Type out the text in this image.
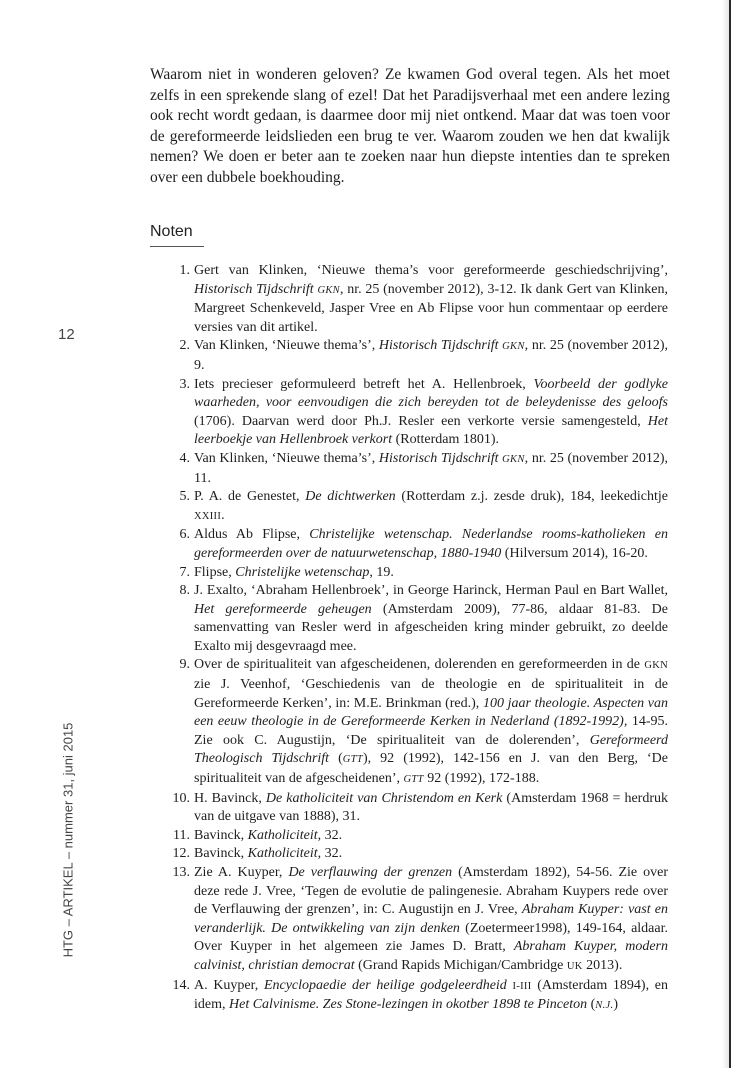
12
HTG – ARTIKEL – nummer 31, juni 2015

Waarom niet in wonderen geloven? Ze kwamen God overal tegen. Als het moet zelfs in een sprekende slang of ezel! Dat het Paradijsverhaal met een andere lezing ook recht wordt gedaan, is daarmee door mij niet ontkend. Maar dat was toen voor de gereformeerde leidslieden een brug te ver. Waarom zouden we hen dat kwalijk nemen? We doen er beter aan te zoeken naar hun diepste intenties dan te spreken over een dubbele boekhouding.

Noten
1. Gert van Klinken, ‘Nieuwe thema’s voor gereformeerde geschiedschrijving’, Historisch Tijdschrift GKN, nr. 25 (november 2012), 3-12. Ik dank Gert van Klinken, Margreet Schenkeveld, Jasper Vree en Ab Flipse voor hun commentaar op eerdere versies van dit artikel.
2. Van Klinken, ‘Nieuwe thema’s’, Historisch Tijdschrift GKN, nr. 25 (november 2012), 9.
3. Iets precieser geformuleerd betreft het A. Hellenbroek, Voorbeeld der godlyke waarheden, voor eenvoudigen die zich bereyden tot de beleydenisse des geloofs (1706). Daarvan werd door Ph.J. Resler een verkorte versie samengesteld, Het leerboekje van Hellenbroek verkort (Rotterdam 1801).
4. Van Klinken, ‘Nieuwe thema’s’, Historisch Tijdschrift GKN, nr. 25 (november 2012), 11.
5. P. A. de Genestet, De dichtwerken (Rotterdam z.j. zesde druk), 184, leekedichtje XXIII.
6. Aldus Ab Flipse, Christelijke wetenschap. Nederlandse rooms-katholieken en gereformeerden over de natuurwetenschap, 1880-1940 (Hilversum 2014), 16-20.
7. Flipse, Christelijke wetenschap, 19.
8. J. Exalto, ‘Abraham Hellenbroek’, in George Harinck, Herman Paul en Bart Wallet, Het gereformeerde geheugen (Amsterdam 2009), 77-86, aldaar 81-83. De samenvatting van Resler werd in afgescheiden kring minder gebruikt, zo deelde Exalto mij desgevraagd mee.
9. Over de spiritualiteit van afgescheidenen, dolerenden en gereformeerden in de GKN zie J. Veenhof, ‘Geschiedenis van de theologie en de spiritualiteit in de Gereformeerde Kerken’, in: M.E. Brinkman (red.), 100 jaar theologie. Aspecten van een eeuw theologie in de Gereformeerde Kerken in Nederland (1892-1992), 14-95. Zie ook C. Augustijn, ‘De spiritualiteit van de dolerenden’, Gereformeerd Theologisch Tijdschrift (GTT), 92 (1992), 142-156 en J. van den Berg, ‘De spiritualiteit van de afgescheidenen’, GTT 92 (1992), 172-188.
10. H. Bavinck, De katholiciteit van Christendom en Kerk (Amsterdam 1968 = herdruk van de uitgave van 1888), 31.
11. Bavinck, Katholiciteit, 32.
12. Bavinck, Katholiciteit, 32.
13. Zie A. Kuyper, De verflauwing der grenzen (Amsterdam 1892), 54-56. Zie over deze rede J. Vree, ‘Tegen de evolutie de palingenesie. Abraham Kuypers rede over de Verflauwing der grenzen’, in: C. Augustijn en J. Vree, Abraham Kuyper: vast en veranderlijk. De ontwikkeling van zijn denken (Zoetermeer1998), 149-164, aldaar. Over Kuyper in het algemeen zie James D. Bratt, Abraham Kuyper, modern calvinist, christian democrat (Grand Rapids Michigan/Cambridge UK 2013).
14. A. Kuyper, Encyclopaedie der heilige godgeleerdheid I-III (Amsterdam 1894), en idem, Het Calvinisme. Zes Stone-lezingen in okotber 1898 te Pinceton (N.J.)
